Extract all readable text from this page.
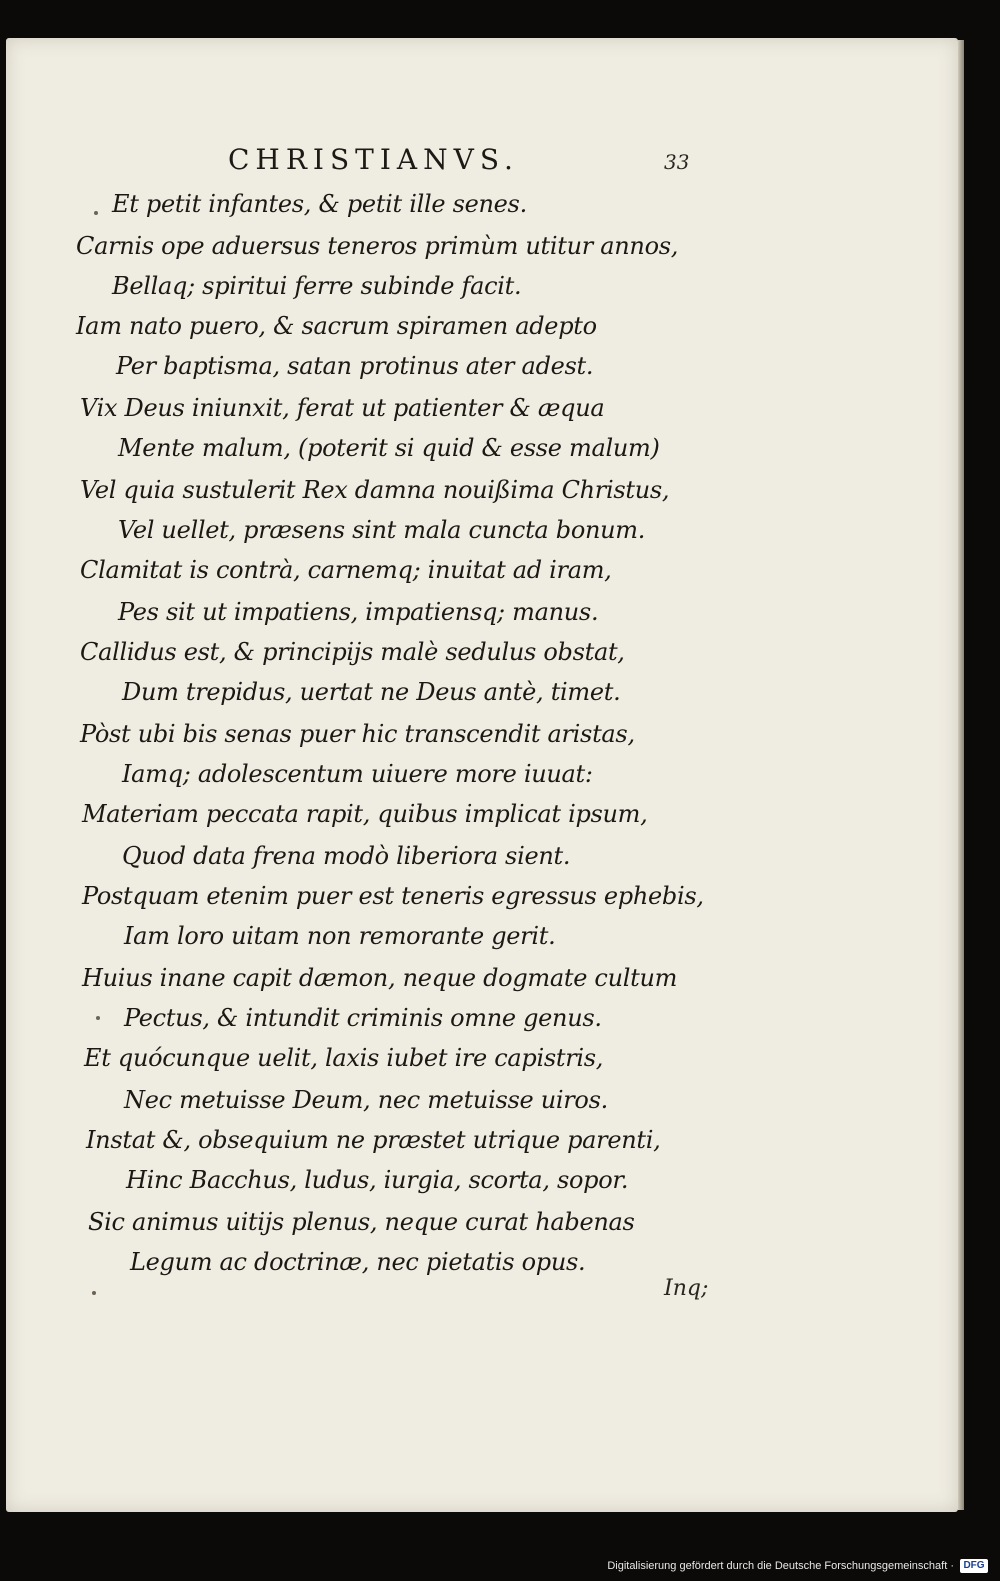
CHRISTIANVS.	33
Et petit infantes, & petit ille senes.
Carnis ope aduersus teneros primùm utitur annos,
Bellaq; spiritui ferre subinde facit.
Iam nato puero, & sacrum spiramen adepto
Per baptisma, satan protinus ater adest.
Vix Deus iniunxit, ferat ut patienter & æqua
Mente malum, (poterit si quid & esse malum)
Vel quia sustulerit Rex damna nouißima Christus,
Vel uellet, præsens sint mala cuncta bonum.
Clamitat is contrà, carnemq; inuitat ad iram,
Pes sit ut impatiens, impatiensq; manus.
Callidus est, & principijs malè sedulus obstat,
Dum trepidus, uertat ne Deus antè, timet.
Pòst ubi bis senas puer hic transcendit aristas,
Iamq; adolescentum uiuere more iuuat:
Materiam peccata rapit, quibus implicat ipsum,
Quod data frena modò liberiora sient.
Postquam etenim puer est teneris egressus ephebis,
Iam loro uitam non remorante gerit.
Huius inane capit dæmon, neque dogmate cultum
Pectus, & intundit criminis omne genus.
Et quócunque uelit, laxis iubet ire capistris,
Nec metuisse Deum, nec metuisse uiros.
Instat &, obsequium ne præstet utrique parenti,
Hinc Bacchus, ludus, iurgia, scorta, sopor.
Sic animus uitijs plenus, neque curat habenas
Legum ac doctrinæ, nec pietatis opus.
Inq;
Digitalisierung gefördert durch die Deutsche Forschungsgemeinschaft · DFG
